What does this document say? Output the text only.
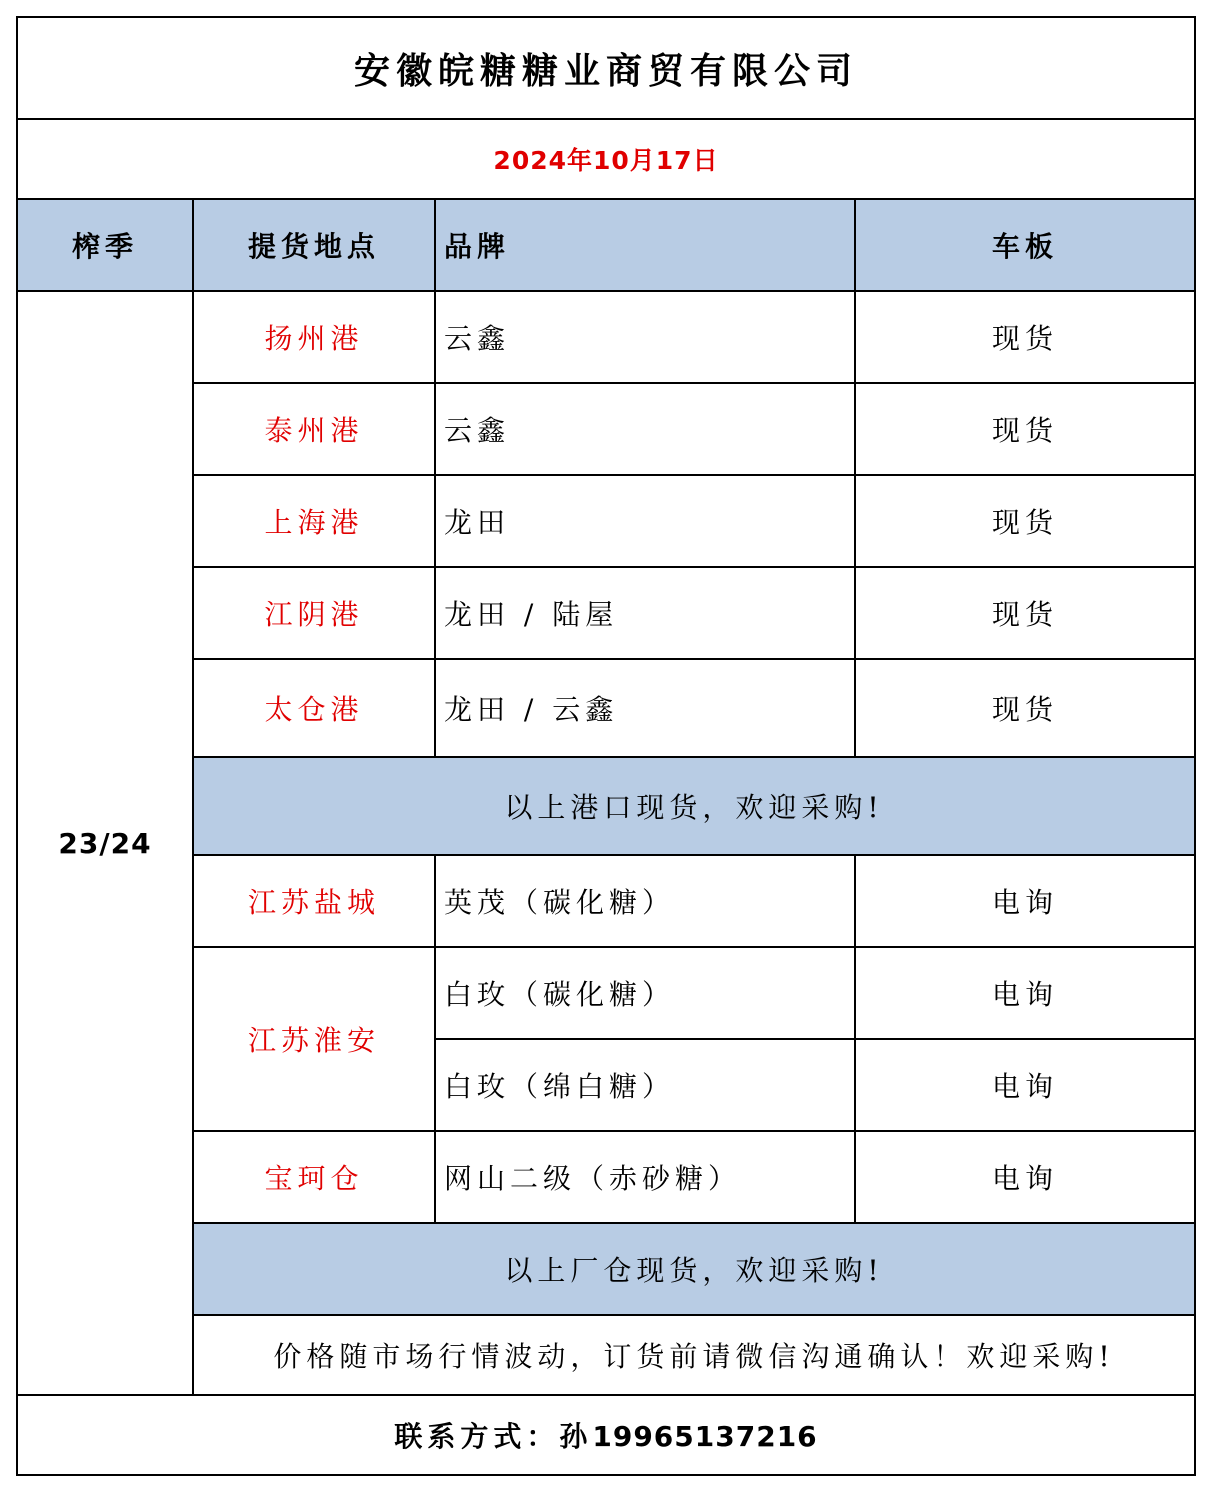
安徽皖糖糖业商贸有限公司			
2024年10月17日			
榨季	提货地点	品牌	车板
23/24	扬州港	云鑫	现货
	泰州港	云鑫	现货
	上海港	龙田	现货
	江阴港	龙田 / 陆屋	现货
	太仓港	龙田 / 云鑫	现货
	以上港口现货，欢迎采购!		
	江苏盐城	英茂（碳化糖）	电询
	江苏淮安	白玫（碳化糖）	电询
		白玫（绵白糖）	电询
	宝珂仓	网山二级（赤砂糖）	电询
	以上厂仓现货，欢迎采购!		
	价格随市场行情波动，订货前请微信沟通确认！欢迎采购!		
联系方式：孙19965137216			
